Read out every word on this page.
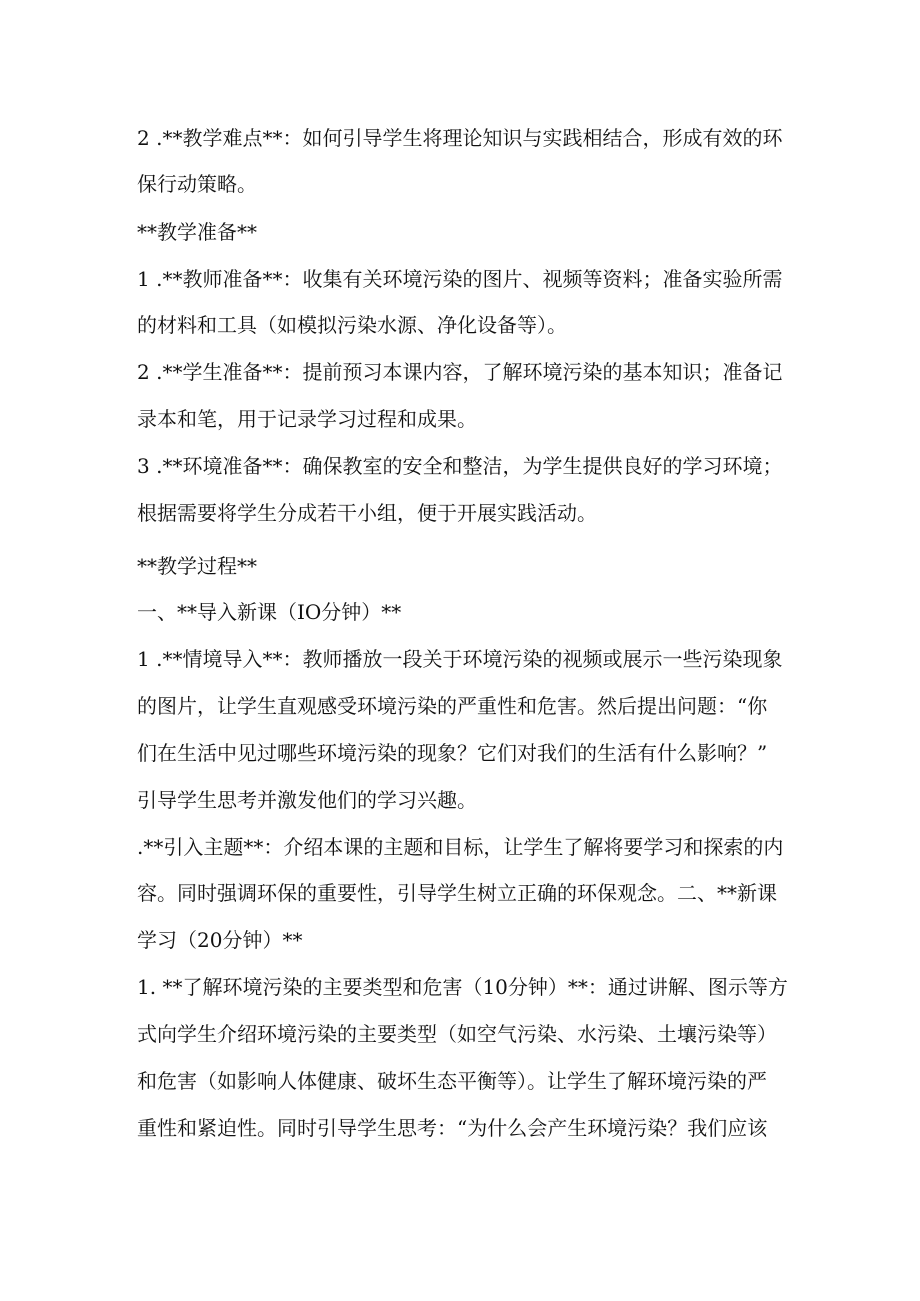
2 .**教学难点**：如何引导学生将理论知识与实践相结合，形成有效的环
保行动策略。
**教学准备**
1 .**教师准备**：收集有关环境污染的图片、视频等资料；准备实验所需
的材料和工具（如模拟污染水源、净化设备等）。
2 .**学生准备**：提前预习本课内容，了解环境污染的基本知识；准备记
录本和笔，用于记录学习过程和成果。
3 .**环境准备**：确保教室的安全和整洁，为学生提供良好的学习环境；
根据需要将学生分成若干小组，便于开展实践活动。
**教学过程**
一、**导入新课（IO分钟）**
1 .**情境导入**：教师播放一段关于环境污染的视频或展示一些污染现象
的图片，让学生直观感受环境污染的严重性和危害。然后提出问题：“你
们在生活中见过哪些环境污染的现象？它们对我们的生活有什么影响？”
引导学生思考并激发他们的学习兴趣。
.**引入主题**：介绍本课的主题和目标，让学生了解将要学习和探索的内
容。同时强调环保的重要性，引导学生树立正确的环保观念。二、**新课
学习（20分钟）**
1. **了解环境污染的主要类型和危害（10分钟）**：通过讲解、图示等方
式向学生介绍环境污染的主要类型（如空气污染、水污染、土壤污染等）
和危害（如影响人体健康、破坏生态平衡等）。让学生了解环境污染的严
重性和紧迫性。同时引导学生思考：“为什么会产生环境污染？我们应该
